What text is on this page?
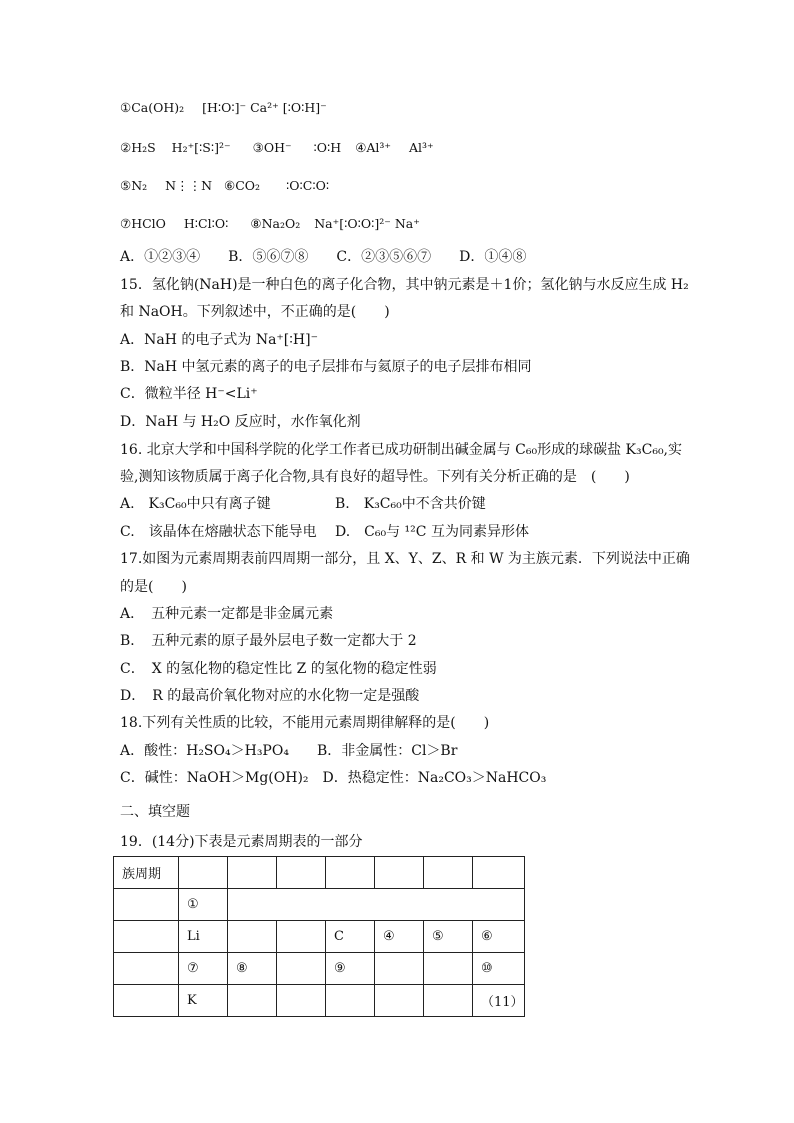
①Ca(OH)₂ [H∶O∶]⁻ Ca²⁺ [∶O∶H]⁻
②H₂S H₂⁺[∶S∶]²⁻ ③OH⁻ ∶O∶H ④Al³⁺ Al³⁺
⑤N₂ N⋮⋮N ⑥CO₂ ∶O∶C∶O∶
⑦HClO H∶Cl∶O∶ ⑧Na₂O₂ Na⁺[∶O∶O∶]²⁻ Na⁺
A．①②③④　　B．⑤⑥⑦⑧　　C．②③⑤⑥⑦　　D．①④⑧
15．氢化钠(NaH)是一种白色的离子化合物，其中钠元素是＋1价；氢化钠与水反应生成 H₂
和 NaOH。下列叙述中，不正确的是(　　)
A．NaH 的电子式为 Na⁺[∶H]⁻
B．NaH 中氢元素的离子的电子层排布与氦原子的电子层排布相同
C．微粒半径 H⁻<Li⁺
D．NaH 与 H₂O 反应时，水作氧化剂
16. 北京大学和中国科学院的化学工作者已成功研制出碱金属与 C₆₀形成的球碳盐 K₃C₆₀,实
验,测知该物质属于离子化合物,具有良好的超导性。下列有关分析正确的是　(　　)
A.　K₃C₆₀中只有离子键	B.　K₃C₆₀中不含共价键
C.　该晶体在熔融状态下能导电 D.　C₆₀与 ¹²C 互为同素异形体
17.如图为元素周期表前四周期一部分，且 X、Y、Z、R 和 W 为主族元素．下列说法中正确
的是(　　)
A．　五种元素一定都是非金属元素
B．　五种元素的原子最外层电子数一定都大于 2
C．　X 的氢化物的稳定性比 Z 的氢化物的稳定性弱
D．　R 的最高价氧化物对应的水化物一定是强酸
18.下列有关性质的比较，不能用元素周期律解释的是(　　)
A．酸性：H₂SO₄＞H₃PO₄　　B．非金属性：Cl＞Br
C．碱性：NaOH＞Mg(OH)₂　D．热稳定性：Na₂CO₃＞NaHCO₃
二、填空题
19．(14分)下表是元素周期表的一部分
族周期							
	①						
	Li			C	④	⑤	⑥
	⑦	⑧		⑨			⑩
	K						（11）
